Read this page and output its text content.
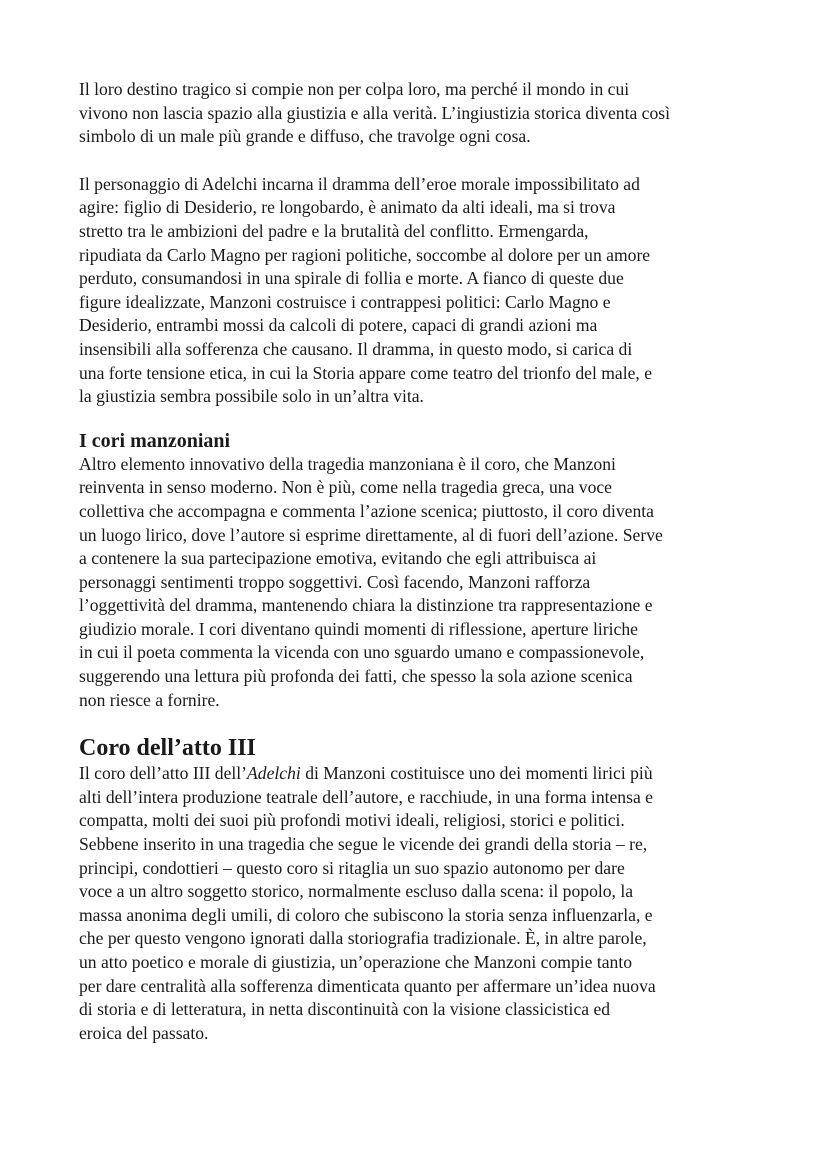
Il loro destino tragico si compie non per colpa loro, ma perché il mondo in cui
vivono non lascia spazio alla giustizia e alla verità. L’ingiustizia storica diventa così
simbolo di un male più grande e diffuso, che travolge ogni cosa.

Il personaggio di Adelchi incarna il dramma dell’eroe morale impossibilitato ad
agire: figlio di Desiderio, re longobardo, è animato da alti ideali, ma si trova
stretto tra le ambizioni del padre e la brutalità del conflitto. Ermengarda,
ripudiata da Carlo Magno per ragioni politiche, soccombe al dolore per un amore
perduto, consumandosi in una spirale di follia e morte. A fianco di queste due
figure idealizzate, Manzoni costruisce i contrappesi politici: Carlo Magno e
Desiderio, entrambi mossi da calcoli di potere, capaci di grandi azioni ma
insensibili alla sofferenza che causano. Il dramma, in questo modo, si carica di
una forte tensione etica, in cui la Storia appare come teatro del trionfo del male, e
la giustizia sembra possibile solo in un’altra vita.

I cori manzoniani

Altro elemento innovativo della tragedia manzoniana è il coro, che Manzoni
reinventa in senso moderno. Non è più, come nella tragedia greca, una voce
collettiva che accompagna e commenta l’azione scenica; piuttosto, il coro diventa
un luogo lirico, dove l’autore si esprime direttamente, al di fuori dell’azione. Serve
a contenere la sua partecipazione emotiva, evitando che egli attribuisca ai
personaggi sentimenti troppo soggettivi. Così facendo, Manzoni rafforza
l’oggettività del dramma, mantenendo chiara la distinzione tra rappresentazione e
giudizio morale. I cori diventano quindi momenti di riflessione, aperture liriche
in cui il poeta commenta la vicenda con uno sguardo umano e compassionevole,
suggerendo una lettura più profonda dei fatti, che spesso la sola azione scenica
non riesce a fornire.

Coro dell’atto III

Il coro dell’atto III dell’Adelchi di Manzoni costituisce uno dei momenti lirici più
alti dell’intera produzione teatrale dell’autore, e racchiude, in una forma intensa e
compatta, molti dei suoi più profondi motivi ideali, religiosi, storici e politici.
Sebbene inserito in una tragedia che segue le vicende dei grandi della storia – re,
principi, condottieri – questo coro si ritaglia un suo spazio autonomo per dare
voce a un altro soggetto storico, normalmente escluso dalla scena: il popolo, la
massa anonima degli umili, di coloro che subiscono la storia senza influenzarla, e
che per questo vengono ignorati dalla storiografia tradizionale. È, in altre parole,
un atto poetico e morale di giustizia, un’operazione che Manzoni compie tanto
per dare centralità alla sofferenza dimenticata quanto per affermare un’idea nuova
di storia e di letteratura, in netta discontinuità con la visione classicistica ed
eroica del passato.
